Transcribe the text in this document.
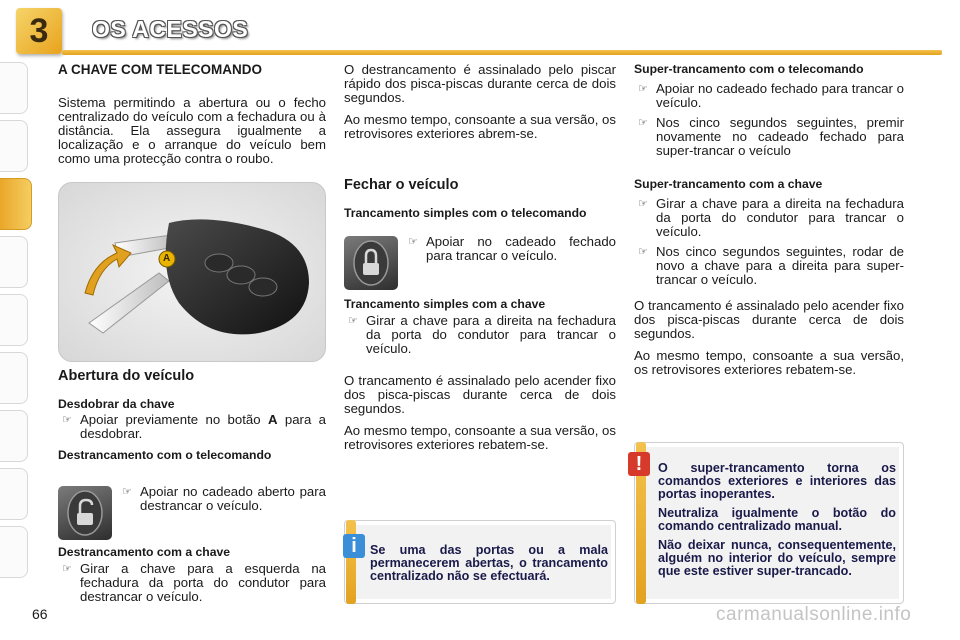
3	OS ACESSOS
A CHAVE COM TELECOMANDO

Sistema permitindo a abertura ou o fecho centralizado do veículo com a fechadura ou à distância. Ela assegura igualmente a localização e o arranque do veículo bem como uma protecção contra o roubo.

A
Abertura do veículo
Desdobrar da chave
☞ Apoiar previamente no botão A para a desdobrar.
Destrancamento com o telecomando
☞ Apoiar no cadeado aberto para destrancar o veículo.
Destrancamento com a chave
☞ Girar a chave para a esquerda na fechadura da porta do condutor para destrancar o veículo.

O destrancamento é assinalado pelo piscar rápido dos pisca-piscas durante cerca de dois segundos.

Ao mesmo tempo, consoante a sua versão, os retrovisores exteriores abrem-se.

Fechar o veículo
Trancamento simples com o telecomando
☞ Apoiar no cadeado fechado para trancar o veículo.
Trancamento simples com a chave
☞ Girar a chave para a direita na fechadura da porta do condutor para trancar o veículo.

O trancamento é assinalado pelo acender fixo dos pisca-piscas durante cerca de dois segundos.

Ao mesmo tempo, consoante a sua versão, os retrovisores exteriores rebatem-se.

i	Se uma das portas ou a mala permanecerem abertas, o trancamento centralizado não se efectuará.
Super-trancamento com o telecomando
☞ Apoiar no cadeado fechado para trancar o veículo.
☞ Nos cinco segundos seguintes, premir novamente no cadeado fechado para super-trancar o veículo
Super-trancamento com a chave
☞ Girar a chave para a direita na fechadura da porta do condutor para trancar o veículo.
☞ Nos cinco segundos seguintes, rodar de novo a chave para a direita para super-trancar o veículo.

O trancamento é assinalado pelo acender fixo dos pisca-piscas durante cerca de dois segundos.

Ao mesmo tempo, consoante a sua versão, os retrovisores exteriores rebatem-se.

!	O super-trancamento torna os comandos exteriores e interiores das portas inoperantes.
Neutraliza igualmente o botão do comando centralizado manual.
Não deixar nunca, consequentemente, alguém no interior do veículo, sempre que este estiver super-trancado.
66	carmanualsonline.info
